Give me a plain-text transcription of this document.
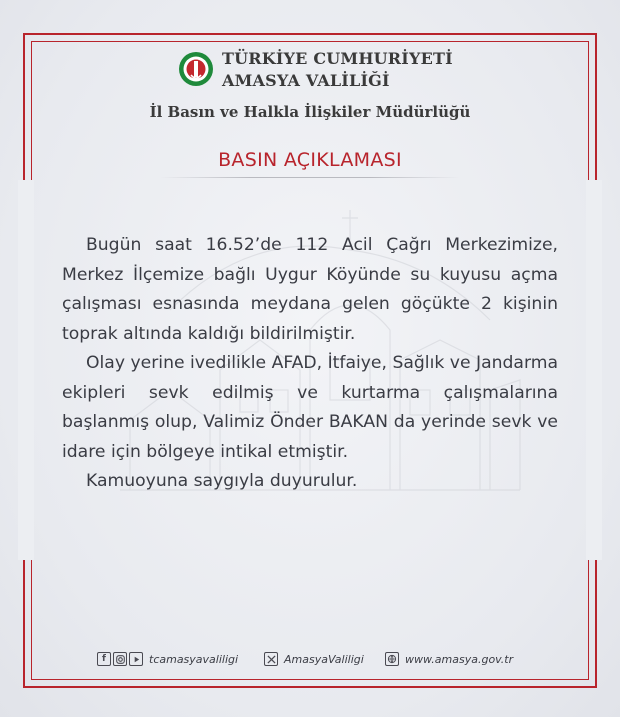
TÜRKİYE CUMHURİYETİ
AMASYA VALİLİĞİ
İl Basın ve Halkla İlişkiler Müdürlüğü
BASIN AÇIKLAMASI

Bugün saat 16.52’de 112 Acil Çağrı Merkezimize, Merkez İlçemize bağlı Uygur Köyünde su kuyusu açma çalışması esnasında meydana gelen göçükte 2 kişinin toprak altında kaldığı bildirilmiştir.

Olay yerine ivedilikle AFAD, İtfaiye, Sağlık ve Jandarma ekipleri sevk edilmiş ve kurtarma çalışmalarına başlanmış olup, Valimiz Önder BAKAN da yerinde sevk ve idare için bölgeye intikal etmiştir.

Kamuoyuna saygıyla duyurulur.

f	tcamasyavaliligi	AmasyaValiligi	www.amasya.gov.tr
